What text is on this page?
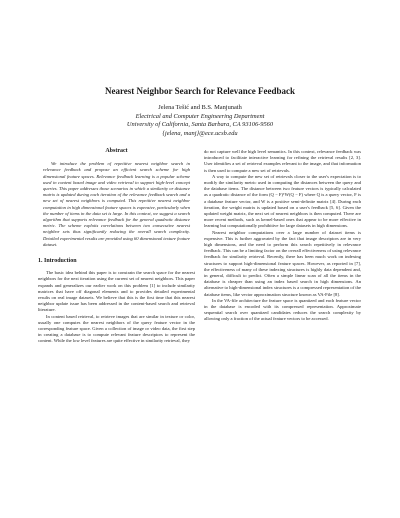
Nearest Neighbor Search for Relevance Feedback
Jelena Tešić and B.S. Manjunath
Electrical and Computer Engineering Department
University of California, Santa Barbara, CA 93106-9560
{jelena, manj}@ece.ucsb.edu
Abstract

We introduce the problem of repetitive nearest neighbor search in relevance feedback and propose an efficient search scheme for high dimensional feature spaces. Relevance feedback learning is a popular scheme used in content based image and video retrieval to support high-level concept queries. This paper addresses those scenarios in which a similarity or distance matrix is updated during each iteration of the relevance feedback search and a new set of nearest neighbors is computed. This repetitive nearest neighbor computation in high dimensional feature spaces is expensive, particularly when the number of items in the data set is large. In this context, we suggest a search algorithm that supports relevance feedback for the general quadratic distance metric. The scheme exploits correlations between two consecutive nearest neighbor sets thus significantly reducing the overall search complexity. Detailed experimental results are provided using 60 dimensional texture feature dataset.

1. Introduction

The basic idea behind this paper is to constrain the search space for the nearest neighbors for the next iteration using the current set of nearest neighbors. This paper expands and generalizes our earlier work on this problem [1] to include similarity matrices that have off diagonal elements and to provides detailed experimental results on real image datasets. We believe that this is the first time that this nearest neighbor update issue has been addressed in the content-based search and retrieval literature.

In content based retrieval, to retrieve images that are similar in texture or color, usually one computes the nearest neighbors of the query feature vector in the corresponding feature space. Given a collection of image or video data, the first step in creating a database is to compute relevant feature descriptors to represent the content. While the low level features are quite effective in similarity retrieval, they

do not capture well the high level semantics. In this context, relevance feedback was introduced to facilitate interactive learning for refining the retrieval results [2, 3]. User identifies a set of retrieval examples relevant to the image, and that information is then used to compute a new set of retrievals.

A way to compute the new set of retrievals closer to the user's expectation is to modify the similarity metric used in computing the distances between the query and the database items. The distance between two feature vectors is typically calculated as a quadratic distance of the form (Q − F)ᵀW(Q − F) where Q is a query vector, F is a database feature vector, and W is a positive semi-definite matrix [4]. During each iteration, the weight matrix is updated based on a user's feedback [5, 6]. Given the updated weight matrix, the next set of nearest neighbors is then computed. There are more recent methods, such as kernel-based ones that appear to be more effective in learning but computationally prohibitive for large datasets in high dimensions.

Nearest neighbor computations over a large number of dataset items is expensive. This is further aggravated by the fact that image descriptors are in very high dimensions, and the need to perform this search repetitively in relevance feedback. This can be a limiting factor on the overall effectiveness of using relevance feedback for similarity retrieval. Recently, there has been much work on indexing structures to support high-dimensional feature spaces. However, as reported in [7], the effectiveness of many of these indexing structures is highly data dependent and, in general, difficult to predict. Often a simple linear scan of all the items in the database is cheaper than using an index based search in high dimensions. An alternative to high-dimensional index structures is a compressed representation of the database items, like vector approximation structure known as VA-File [8].

In the VA-file architecture the feature space is quantized and each feature vector in the database is encoded with its compressed representation. Approximate sequential search over quantized candidates reduces the search complexity by allowing only a fraction of the actual feature vectors to be accessed.
